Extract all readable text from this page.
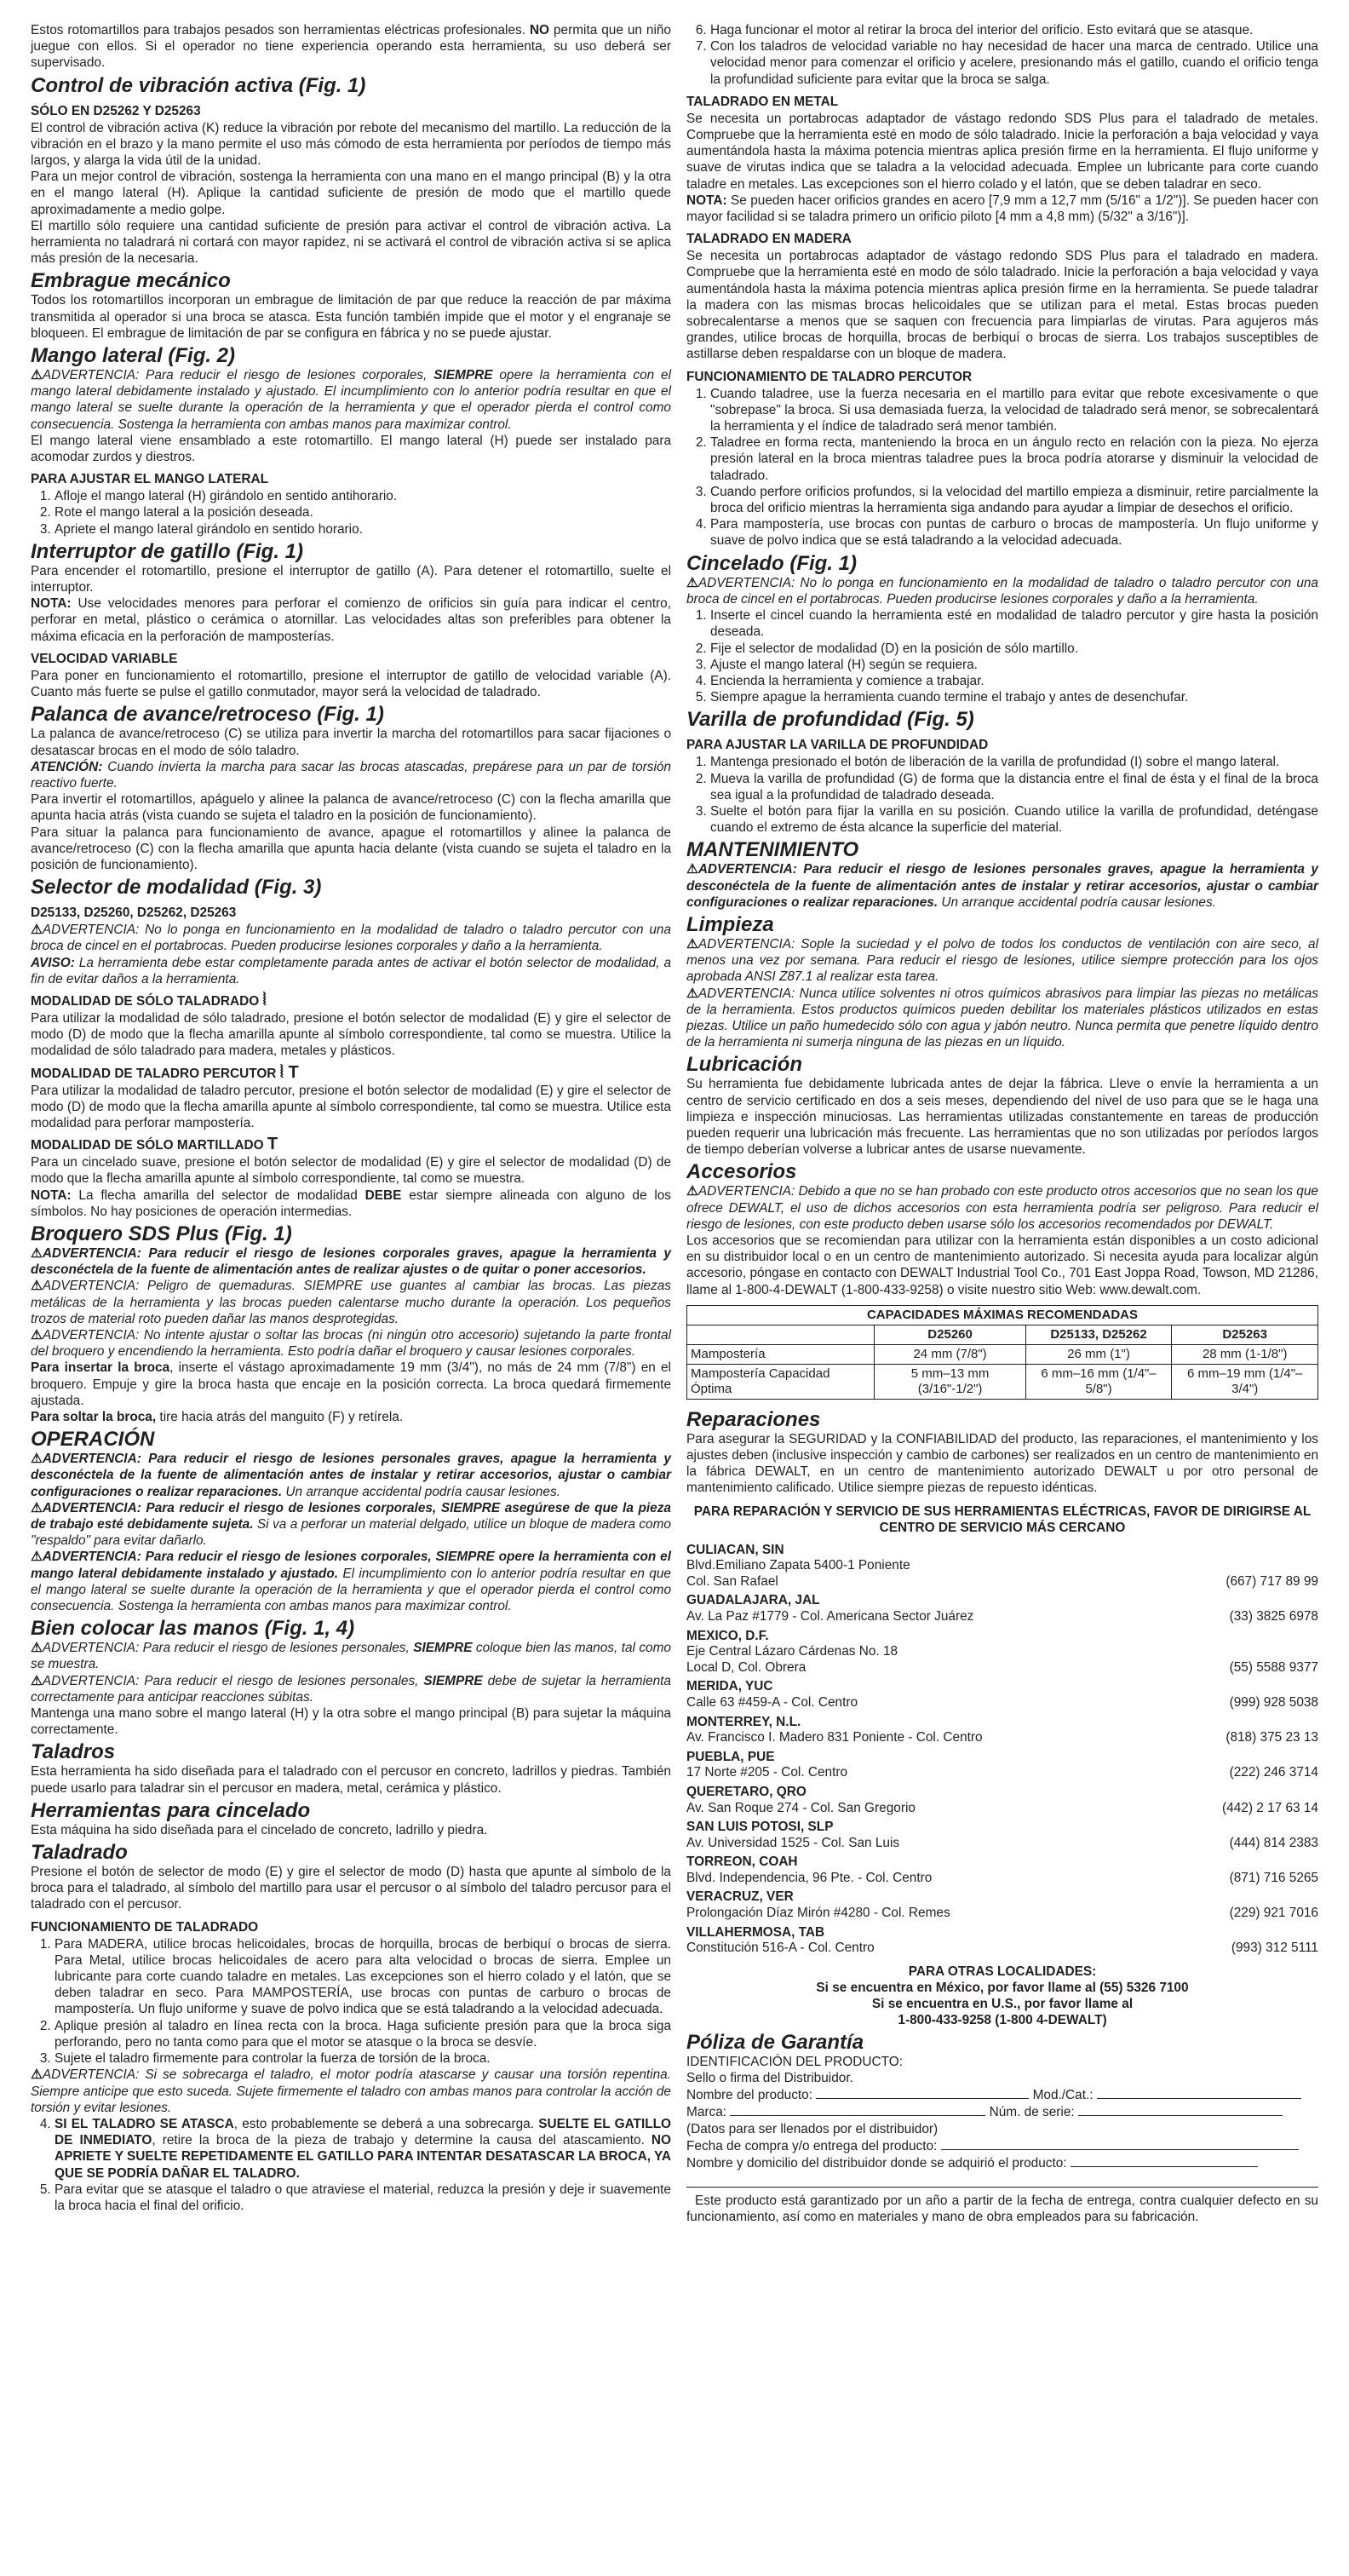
Estos rotomartillos para trabajos pesados son herramientas eléctricas profesionales. NO permita que un niño juegue con ellos. Si el operador no tiene experiencia operando esta herramienta, su uso deberá ser supervisado.

Control de vibración activa (Fig. 1)
SÓLO EN D25262 Y D25263

El control de vibración activa (K) reduce la vibración por rebote del mecanismo del martillo. La reducción de la vibración en el brazo y la mano permite el uso más cómodo de esta herramienta por períodos de tiempo más largos, y alarga la vida útil de la unidad.

Para un mejor control de vibración, sostenga la herramienta con una mano en el mango principal (B) y la otra en el mango lateral (H). Aplique la cantidad suficiente de presión de modo que el martillo quede aproximadamente a medio golpe.

El martillo sólo requiere una cantidad suficiente de presión para activar el control de vibración activa. La herramienta no taladrará ni cortará con mayor rapidez, ni se activará el control de vibración activa si se aplica más presión de la necesaria.

Embrague mecánico

Todos los rotomartillos incorporan un embrague de limitación de par que reduce la reacción de par máxima transmitida al operador si una broca se atasca. Esta función también impide que el motor y el engranaje se bloqueen. El embrague de limitación de par se configura en fábrica y no se puede ajustar.

Mango lateral (Fig. 2)

⚠ADVERTENCIA: Para reducir el riesgo de lesiones corporales, SIEMPRE opere la herramienta con el mango lateral debidamente instalado y ajustado. El incumplimiento con lo anterior podría resultar en que el mango lateral se suelte durante la operación de la herramienta y que el operador pierda el control como consecuencia. Sostenga la herramienta con ambas manos para maximizar control.

El mango lateral viene ensamblado a este rotomartillo. El mango lateral (H) puede ser instalado para acomodar zurdos y diestros.

PARA AJUSTAR EL MANGO LATERAL
1. Afloje el mango lateral (H) girándolo en sentido antihorario.
2. Rote el mango lateral a la posición deseada.
3. Apriete el mango lateral girándolo en sentido horario.
Interruptor de gatillo (Fig. 1)

Para encender el rotomartillo, presione el interruptor de gatillo (A). Para detener el rotomartillo, suelte el interruptor.

NOTA: Use velocidades menores para perforar el comienzo de orificios sin guía para indicar el centro, perforar en metal, plástico o cerámica o atornillar. Las velocidades altas son preferibles para obtener la máxima eficacia en la perforación de mamposterías.

VELOCIDAD VARIABLE

Para poner en funcionamiento el rotomartillo, presione el interruptor de gatillo de velocidad variable (A). Cuanto más fuerte se pulse el gatillo conmutador, mayor será la velocidad de taladrado.

Palanca de avance/retroceso (Fig. 1)

La palanca de avance/retroceso (C) se utiliza para invertir la marcha del rotomartillos para sacar fijaciones o desatascar brocas en el modo de sólo taladro.

ATENCIÓN: Cuando invierta la marcha para sacar las brocas atascadas, prepárese para un par de torsión reactivo fuerte.

Para invertir el rotomartillos, apáguelo y alinee la palanca de avance/retroceso (C) con la flecha amarilla que apunta hacia atrás (vista cuando se sujeta el taladro en la posición de funcionamiento).

Para situar la palanca para funcionamiento de avance, apague el rotomartillos y alinee la palanca de avance/retroceso (C) con la flecha amarilla que apunta hacia delante (vista cuando se sujeta el taladro en la posición de funcionamiento).

Selector de modalidad (Fig. 3)
D25133, D25260, D25262, D25263

⚠ADVERTENCIA: No lo ponga en funcionamiento en la modalidad de taladro o taladro percutor con una broca de cincel en el portabrocas. Pueden producirse lesiones corporales y daño a la herramienta.

AVISO: La herramienta debe estar completamente parada antes de activar el botón selector de modalidad, a fin de evitar daños a la herramienta.

MODALIDAD DE SÓLO TALADRADO ⦚

Para utilizar la modalidad de sólo taladrado, presione el botón selector de modalidad (E) y gire el selector de modo (D) de modo que la flecha amarilla apunte al símbolo correspondiente, tal como se muestra. Utilice la modalidad de sólo taladrado para madera, metales y plásticos.

MODALIDAD DE TALADRO PERCUTOR ⦚ T

Para utilizar la modalidad de taladro percutor, presione el botón selector de modalidad (E) y gire el selector de modo (D) de modo que la flecha amarilla apunte al símbolo correspondiente, tal como se muestra. Utilice esta modalidad para perforar mampostería.

MODALIDAD DE SÓLO MARTILLADO T

Para un cincelado suave, presione el botón selector de modalidad (E) y gire el selector de modalidad (D) de modo que la flecha amarilla apunte al símbolo correspondiente, tal como se muestra.

NOTA: La flecha amarilla del selector de modalidad DEBE estar siempre alineada con alguno de los símbolos. No hay posiciones de operación intermedias.

Broquero SDS Plus (Fig. 1)

⚠ADVERTENCIA: Para reducir el riesgo de lesiones corporales graves, apague la herramienta y desconéctela de la fuente de alimentación antes de realizar ajustes o de quitar o poner accesorios.

⚠ADVERTENCIA: Peligro de quemaduras. SIEMPRE use guantes al cambiar las brocas. Las piezas metálicas de la herramienta y las brocas pueden calentarse mucho durante la operación. Los pequeños trozos de material roto pueden dañar las manos desprotegidas.

⚠ADVERTENCIA: No intente ajustar o soltar las brocas (ni ningún otro accesorio) sujetando la parte frontal del broquero y encendiendo la herramienta. Esto podría dañar el broquero y causar lesiones corporales.

Para insertar la broca, inserte el vástago aproximadamente 19 mm (3/4"), no más de 24 mm (7/8") en el broquero. Empuje y gire la broca hasta que encaje en la posición correcta. La broca quedará firmemente ajustada.

Para soltar la broca, tire hacia atrás del manguito (F) y retírela.

OPERACIÓN

⚠ADVERTENCIA: Para reducir el riesgo de lesiones personales graves, apague la herramienta y desconéctela de la fuente de alimentación antes de instalar y retirar accesorios, ajustar o cambiar configuraciones o realizar reparaciones. Un arranque accidental podría causar lesiones.

⚠ADVERTENCIA: Para reducir el riesgo de lesiones corporales, SIEMPRE asegúrese de que la pieza de trabajo esté debidamente sujeta. Si va a perforar un material delgado, utilice un bloque de madera como "respaldo" para evitar dañarlo.

⚠ADVERTENCIA: Para reducir el riesgo de lesiones corporales, SIEMPRE opere la herramienta con el mango lateral debidamente instalado y ajustado. El incumplimiento con lo anterior podría resultar en que el mango lateral se suelte durante la operación de la herramienta y que el operador pierda el control como consecuencia. Sostenga la herramienta con ambas manos para maximizar control.

Bien colocar las manos (Fig. 1, 4)

⚠ADVERTENCIA: Para reducir el riesgo de lesiones personales, SIEMPRE coloque bien las manos, tal como se muestra.

⚠ADVERTENCIA: Para reducir el riesgo de lesiones personales, SIEMPRE debe de sujetar la herramienta correctamente para anticipar reacciones súbitas.

Mantenga una mano sobre el mango lateral (H) y la otra sobre el mango principal (B) para sujetar la máquina correctamente.

Taladros

Esta herramienta ha sido diseñada para el taladrado con el percusor en concreto, ladrillos y piedras. También puede usarlo para taladrar sin el percusor en madera, metal, cerámica y plástico.

Herramientas para cincelado

Esta máquina ha sido diseñada para el cincelado de concreto, ladrillo y piedra.

Taladrado

Presione el botón de selector de modo (E) y gire el selector de modo (D) hasta que apunte al símbolo de la broca para el taladrado, al símbolo del martillo para usar el percusor o al símbolo del taladro percusor para el taladrado con el percusor.

FUNCIONAMIENTO DE TALADRADO
1. Para MADERA, utilice brocas helicoidales, brocas de horquilla, brocas de berbiquí o brocas de sierra. Para Metal, utilice brocas helicoidales de acero para alta velocidad o brocas de sierra. Emplee un lubricante para corte cuando taladre en metales. Las excepciones son el hierro colado y el latón, que se deben taladrar en seco. Para MAMPOSTERÍA, use brocas con puntas de carburo o brocas de mampostería. Un flujo uniforme y suave de polvo indica que se está taladrando a la velocidad adecuada.
2. Aplique presión al taladro en línea recta con la broca. Haga suficiente presión para que la broca siga perforando, pero no tanta como para que el motor se atasque o la broca se desvíe.
3. Sujete el taladro firmemente para controlar la fuerza de torsión de la broca.

⚠ADVERTENCIA: Si se sobrecarga el taladro, el motor podría atascarse y causar una torsión repentina. Siempre anticipe que esto suceda. Sujete firmemente el taladro con ambas manos para controlar la acción de torsión y evitar lesiones.

4. SI EL TALADRO SE ATASCA, esto probablemente se deberá a una sobrecarga. SUELTE EL GATILLO DE INMEDIATO, retire la broca de la pieza de trabajo y determine la causa del atascamiento. NO APRIETE Y SUELTE REPETIDAMENTE EL GATILLO PARA INTENTAR DESATASCAR LA BROCA, YA QUE SE PODRÍA DAÑAR EL TALADRO.
5. Para evitar que se atasque el taladro o que atraviese el material, reduzca la presión y deje ir suavemente la broca hacia el final del orificio.
6. Haga funcionar el motor al retirar la broca del interior del orificio. Esto evitará que se atasque.
7. Con los taladros de velocidad variable no hay necesidad de hacer una marca de centrado. Utilice una velocidad menor para comenzar el orificio y acelere, presionando más el gatillo, cuando el orificio tenga la profundidad suficiente para evitar que la broca se salga.
TALADRADO EN METAL

Se necesita un portabrocas adaptador de vástago redondo SDS Plus para el taladrado de metales. Compruebe que la herramienta esté en modo de sólo taladrado. Inicie la perforación a baja velocidad y vaya aumentándola hasta la máxima potencia mientras aplica presión firme en la herramienta. El flujo uniforme y suave de virutas indica que se taladra a la velocidad adecuada. Emplee un lubricante para corte cuando taladre en metales. Las excepciones son el hierro colado y el latón, que se deben taladrar en seco.

NOTA: Se pueden hacer orificios grandes en acero [7,9 mm a 12,7 mm (5/16" a 1/2")]. Se pueden hacer con mayor facilidad si se taladra primero un orificio piloto [4 mm a 4,8 mm) (5/32" a 3/16")].

TALADRADO EN MADERA

Se necesita un portabrocas adaptador de vástago redondo SDS Plus para el taladrado en madera. Compruebe que la herramienta esté en modo de sólo taladrado. Inicie la perforación a baja velocidad y vaya aumentándola hasta la máxima potencia mientras aplica presión firme en la herramienta. Se puede taladrar la madera con las mismas brocas helicoidales que se utilizan para el metal. Estas brocas pueden sobrecalentarse a menos que se saquen con frecuencia para limpiarlas de virutas. Para agujeros más grandes, utilice brocas de horquilla, brocas de berbiquí o brocas de sierra. Los trabajos susceptibles de astillarse deben respaldarse con un bloque de madera.

FUNCIONAMIENTO DE TALADRO PERCUTOR
1. Cuando taladree, use la fuerza necesaria en el martillo para evitar que rebote excesivamente o que "sobrepase" la broca. Si usa demasiada fuerza, la velocidad de taladrado será menor, se sobrecalentará la herramienta y el índice de taladrado será menor también.
2. Taladree en forma recta, manteniendo la broca en un ángulo recto en relación con la pieza. No ejerza presión lateral en la broca mientras taladree pues la broca podría atorarse y disminuir la velocidad de taladrado.
3. Cuando perfore orificios profundos, si la velocidad del martillo empieza a disminuir, retire parcialmente la broca del orificio mientras la herramienta siga andando para ayudar a limpiar de desechos el orificio.
4. Para mampostería, use brocas con puntas de carburo o brocas de mampostería. Un flujo uniforme y suave de polvo indica que se está taladrando a la velocidad adecuada.
Cincelado (Fig. 1)

⚠ADVERTENCIA: No lo ponga en funcionamiento en la modalidad de taladro o taladro percutor con una broca de cincel en el portabrocas. Pueden producirse lesiones corporales y daño a la herramienta.

1. Inserte el cincel cuando la herramienta esté en modalidad de taladro percutor y gire hasta la posición deseada.
2. Fije el selector de modalidad (D) en la posición de sólo martillo.
3. Ajuste el mango lateral (H) según se requiera.
4. Encienda la herramienta y comience a trabajar.
5. Siempre apague la herramienta cuando termine el trabajo y antes de desenchufar.
Varilla de profundidad (Fig. 5)
PARA AJUSTAR LA VARILLA DE PROFUNDIDAD
1. Mantenga presionado el botón de liberación de la varilla de profundidad (I) sobre el mango lateral.
2. Mueva la varilla de profundidad (G) de forma que la distancia entre el final de ésta y el final de la broca sea igual a la profundidad de taladrado deseada.
3. Suelte el botón para fijar la varilla en su posición. Cuando utilice la varilla de profundidad, deténgase cuando el extremo de ésta alcance la superficie del material.
MANTENIMIENTO

⚠ADVERTENCIA: Para reducir el riesgo de lesiones personales graves, apague la herramienta y desconéctela de la fuente de alimentación antes de instalar y retirar accesorios, ajustar o cambiar configuraciones o realizar reparaciones. Un arranque accidental podría causar lesiones.

Limpieza

⚠ADVERTENCIA: Sople la suciedad y el polvo de todos los conductos de ventilación con aire seco, al menos una vez por semana. Para reducir el riesgo de lesiones, utilice siempre protección para los ojos aprobada ANSI Z87.1 al realizar esta tarea.

⚠ADVERTENCIA: Nunca utilice solventes ni otros químicos abrasivos para limpiar las piezas no metálicas de la herramienta. Estos productos químicos pueden debilitar los materiales plásticos utilizados en estas piezas. Utilice un paño humedecido sólo con agua y jabón neutro. Nunca permita que penetre líquido dentro de la herramienta ni sumerja ninguna de las piezas en un líquido.

Lubricación

Su herramienta fue debidamente lubricada antes de dejar la fábrica. Lleve o envíe la herramienta a un centro de servicio certificado en dos a seis meses, dependiendo del nivel de uso para que se le haga una limpieza e inspección minuciosas. Las herramientas utilizadas constantemente en tareas de producción pueden requerir una lubricación más frecuente. Las herramientas que no son utilizadas por períodos largos de tiempo deberían volverse a lubricar antes de usarse nuevamente.

Accesorios

⚠ADVERTENCIA: Debido a que no se han probado con este producto otros accesorios que no sean los que ofrece DEWALT, el uso de dichos accesorios con esta herramienta podría ser peligroso. Para reducir el riesgo de lesiones, con este producto deben usarse sólo los accesorios recomendados por DEWALT.

Los accesorios que se recomiendan para utilizar con la herramienta están disponibles a un costo adicional en su distribuidor local o en un centro de mantenimiento autorizado. Si necesita ayuda para localizar algún accesorio, póngase en contacto con DEWALT Industrial Tool Co., 701 East Joppa Road, Towson, MD 21286, llame al 1-800-4-DEWALT (1-800-433-9258) o visite nuestro sitio Web: www.dewalt.com.

CAPACIDADES MÁXIMAS RECOMENDADAS			
	D25260	D25133, D25262	D25263
Mampostería	24 mm (7/8")	26 mm (1")	28 mm (1-1/8")
Mampostería Capacidad Óptima	5 mm–13 mm (3/16"-1/2")	6 mm–16 mm (1/4"–5/8")	6 mm–19 mm (1/4"–3/4")
Reparaciones

Para asegurar la SEGURIDAD y la CONFIABILIDAD del producto, las reparaciones, el mantenimiento y los ajustes deben (inclusive inspección y cambio de carbones) ser realizados en un centro de mantenimiento en la fábrica DEWALT, en un centro de mantenimiento autorizado DEWALT u por otro personal de mantenimiento calificado. Utilice siempre piezas de repuesto idénticas.

PARA REPARACIÓN Y SERVICIO DE SUS HERRAMIENTAS ELÉCTRICAS, FAVOR DE DIRIGIRSE AL CENTRO DE SERVICIO MÁS CERCANO
CULIACAN, SIN
Blvd.Emiliano Zapata 5400-1 Poniente
Col. San Rafael	(667) 717 89 99
GUADALAJARA, JAL
Av. La Paz #1779 - Col. Americana Sector Juárez	(33) 3825 6978
MEXICO, D.F.
Eje Central Lázaro Cárdenas No. 18
Local D, Col. Obrera	(55) 5588 9377
MERIDA, YUC
Calle 63 #459-A - Col. Centro	(999) 928 5038
MONTERREY, N.L.
Av. Francisco I. Madero 831 Poniente - Col. Centro	(818) 375 23 13
PUEBLA, PUE
17 Norte #205 - Col. Centro	(222) 246 3714
QUERETARO, QRO
Av. San Roque 274 - Col. San Gregorio	(442) 2 17 63 14
SAN LUIS POTOSI, SLP
Av. Universidad 1525 - Col. San Luis	(444) 814 2383
TORREON, COAH
Blvd. Independencia, 96 Pte. - Col. Centro	(871) 716 5265
VERACRUZ, VER
Prolongación Díaz Mirón #4280 - Col. Remes	(229) 921 7016
VILLAHERMOSA, TAB
Constitución 516-A - Col. Centro	(993) 312 5111
PARA OTRAS LOCALIDADES:
Si se encuentra en México, por favor llame al (55) 5326 7100
Si se encuentra en U.S., por favor llame al
1-800-433-9258 (1-800 4-DEWALT)
Póliza de Garantía
IDENTIFICACIÓN DEL PRODUCTO:
Sello o firma del Distribuidor.
Nombre del producto:	Mod./Cat.:
Marca:	Núm. de serie:
(Datos para ser llenados por el distribuidor)
Fecha de compra y/o entrega del producto:
Nombre y domicilio del distribuidor donde se adquirió el producto:

Este producto está garantizado por un año a partir de la fecha de entrega, contra cualquier defecto en su funcionamiento, así como en materiales y mano de obra empleados para su fabricación.
